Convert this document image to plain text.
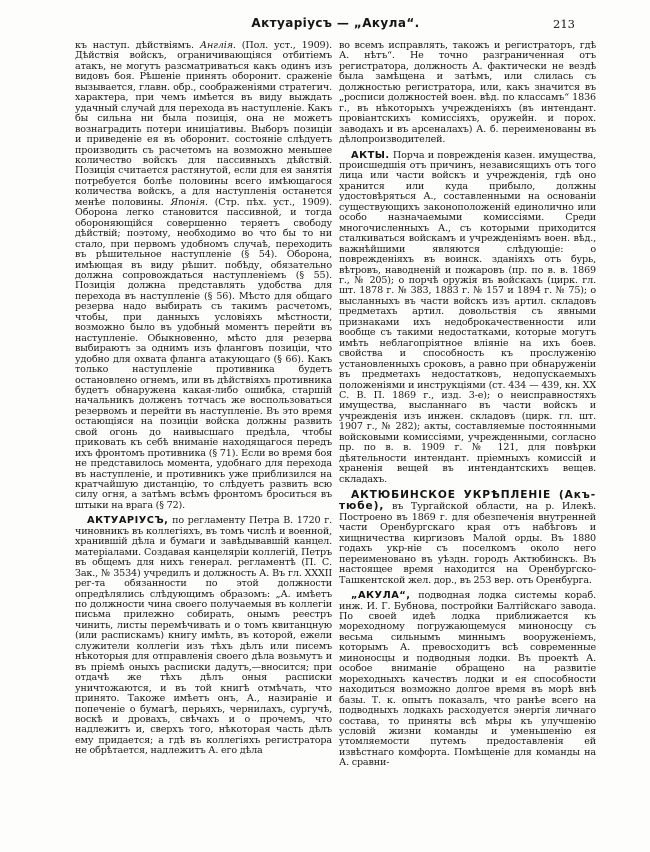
Актуаріусъ — „Акула“.	213

къ наступ. дѣйствіямъ. Англія. (Пол. уст., 1909). Дѣйствія войскъ, ограничивающіяся отбитіемъ атакъ, не могутъ разсматриваться какъ одинъ изъ видовъ боя. Рѣшеніе принять оборонит. сраженіе вызывается, главн. обр., соображеніями стратегич. характера, при чемъ имѣется въ виду выждать удачный случай для перехода въ наступленіе. Какъ бы сильна ни была позиція, она не можетъ вознаградить потери иниціативы. Выборъ позиціи и приведеніе ея въ оборонит. состояніе слѣдуетъ производить съ расчетомъ на возможно меньшее количество войскъ для пассивныхъ дѣйствій. Позиція считается растянутой, если для ея занятія потребуется болѣе половины всего имѣющагося количества войскъ, а для наступленія останется менѣе половины. Японія. (Стр. пѣх. уст., 1909). Оборона легко становится пассивной, и тогда обороняющійся совершенно теряетъ свободу дѣйствій; поэтому, необходимо во что бы то ни стало, при первомъ удобномъ случаѣ, переходить въ рѣшительное наступленіе (§ 54). Оборона, имѣющая въ виду рѣшит. побѣду, обязательно должна сопровождаться наступленіемъ (§ 55). Позиція должна представлять удобства для перехода въ наступленіе (§ 56). Мѣсто для общаго резерва надо выбирать съ такимъ расчетомъ, чтобы, при данныхъ условіяхъ мѣстности, возможно было въ удобный моментъ перейти въ наступленіе. Обыкновенно, мѣсто для резерва выбираютъ за однимъ изъ фланговъ позиціи, что удобно для охвата фланга атакующаго (§ 66). Какъ только наступленіе противника будетъ остановлено огнемъ, или въ дѣйствіяхъ противника будетъ обнаружена какая-либо ошибка, старшій начальникъ долженъ тотчасъ же воспользоваться резервомъ и перейти въ наступленіе. Въ это время остающіяся на позиціи войска должны развить свой огонь до наивысшаго предѣла, чтобы приковать къ себѣ вниманіе находящагося передъ ихъ фронтомъ противника (§ 71). Если во время боя не представилось момента, удобнаго для перехода въ наступленіе, и противникъ уже приблизился на кратчайшую дистанцію, то слѣдуетъ развить всю силу огня, а затѣмъ всѣмъ фронтомъ броситься въ штыки на врага (§ 72).

АКТУАРІУСЪ, по регламенту Петра В. 1720 г. чиновникъ въ коллегіяхъ, въ томъ числѣ и военной, хранившій дѣла и бумаги и завѣдывавшій канцел. матеріалами. Создавая канцеляріи коллегій, Петръ въ общемъ для нихъ генерал. регламентѣ (П. С. Зак., № 3534) учредилъ и должность А. Въ гл. XXXII рег-та обязанности по этой должности опредѣлялись слѣдующимъ образомъ: „А. имѣетъ по должности чина своего получаемыя въ коллегіи письма прилежно собирать, онымъ реестръ чинить, листы перемѣчивать и о томъ квитанцную (или распискамъ) книгу имѣть, въ которой, ежели служители коллегіи изъ тѣхъ дѣлъ или писемъ нѣкоторыя для отправленія своего дѣла возьмутъ и въ пріемѣ оныхъ расписки дадутъ,—вносится; при отдачѣ же тѣхъ дѣлъ оныя расписки уничтожаются, и въ той книгѣ отмѣчать, что принято. Такоже имѣетъ онъ, А., назираніе и попеченіе о бумагѣ, перьяхъ, чернилахъ, сургучѣ, воскѣ и дровахъ, свѣчахъ и о прочемъ, что надлежитъ и, сверхъ того, нѣкоторая часть дѣлъ ему придается; а гдѣ въ коллегіяхъ регистратора не обрѣтается, надлежитъ А. его дѣла

во всемъ исправлять, такожъ и регистраторъ, гдѣ А. нѣтъ“. Не точно разграниченная отъ регистратора, должность А. фактически не вездѣ была замѣщена и затѣмъ, или слилась съ должностью регистратора, или, какъ значится въ „росписи должностей воен. вѣд. по классамъ“ 1836 г., въ нѣкоторыхъ учрежденіяхъ (въ интендант. провіантскихъ комиссіяхъ, оружейн. и порох. заводахъ и въ арсеналахъ) А. б. переименованы въ дѣлопроизводителей.

АКТЫ. Порча и поврежденія казен. имущества, происшедшія отъ причинъ, независящихъ отъ того лица или части войскъ и учрежденія, гдѣ оно хранится или куда прибыло, должны удостовѣряться А., составленными на основаніи существующихъ законоположеній единолично или особо назначаемыми комиссіями. Среди многочисленныхъ А., съ которыми приходится сталкиваться войскамъ и учрежденіямъ воен. вѣд., важнѣйшими являются слѣдующіе: о поврежденіяхъ въ воинск. зданіяхъ отъ бурь, вѣтровъ, наводненій и пожаровъ (пр. по в. в. 1869 г., № 205); о порчѣ оружія въ войскахъ (цирк. гл. шт. 1878 г. № 383, 1883 г. № 157 и 1894 г. № 75); о высланныхъ въ части войскъ изъ артил. складовъ предметахъ артил. довольствія съ явными признаками ихъ недоброкачественности или вообще съ такими недостатками, которые могутъ имѣть неблагопріятное вліяніе на ихъ боев. свойства и способность къ прослуженію установленныхъ сроковъ, а равно при обнаруженіи въ предметахъ недостатковъ, недопускаемыхъ положеніями и инструкціями (ст. 434 — 439, кн. XX С. В. П. 1869 г., изд. 3-е); о неисправностяхъ имущества, высланнаго въ части войскъ и учрежденія изъ инжен. складовъ (цирк. гл. шт. 1907 г., № 282); акты, составляемые постоянными войсковыми комиссіями, учрежденными, согласно пр. по в. в. 1909 г. № 121, для повѣрки дѣятельности интендант. пріемныхъ комиссій и храненія вещей въ интендантскихъ вещев. складахъ.

АКТЮБИНСКОЕ УКРѢПЛЕНІЕ (Акъ-тюбе), въ Тургайской области, на р. Илекѣ. Построено въ 1869 г. для обезпеченія внутренней части Оренбургскаго края отъ набѣговъ и хищничества киргизовъ Малой орды. Въ 1880 годахъ укр-ніе съ поселкомъ около него переименовано въ уѣздн. городъ Актюбинскъ. Въ настоящее время находится на Оренбургско-Ташкентской жел. дор., въ 253 вер. отъ Оренбурга.

„АКУЛА“, подводная лодка системы кораб. инж. И. Г. Бубнова, постройки Балтійскаго завода. По своей идеѣ лодка приближается къ мореходному погружающемуся миноносцу съ весьма сильнымъ миннымъ вооруженіемъ, которымъ А. превосходитъ всѣ современные миноносцы и подводныя лодки. Въ проектѣ А. особое вниманіе обращено на развитіе мореходныхъ качествъ лодки и ея способности находиться возможно долгое время въ морѣ внѣ базы. Т. к. опытъ показалъ, что ранѣе всего на подводныхъ лодкахъ расходуется энергія личнаго состава, то приняты всѣ мѣры къ улучшенію условій жизни команды и уменьшенію ея утомляемости путемъ предоставленія ей извѣстнаго комфорта. Помѣщеніе для команды на А. сравни-
